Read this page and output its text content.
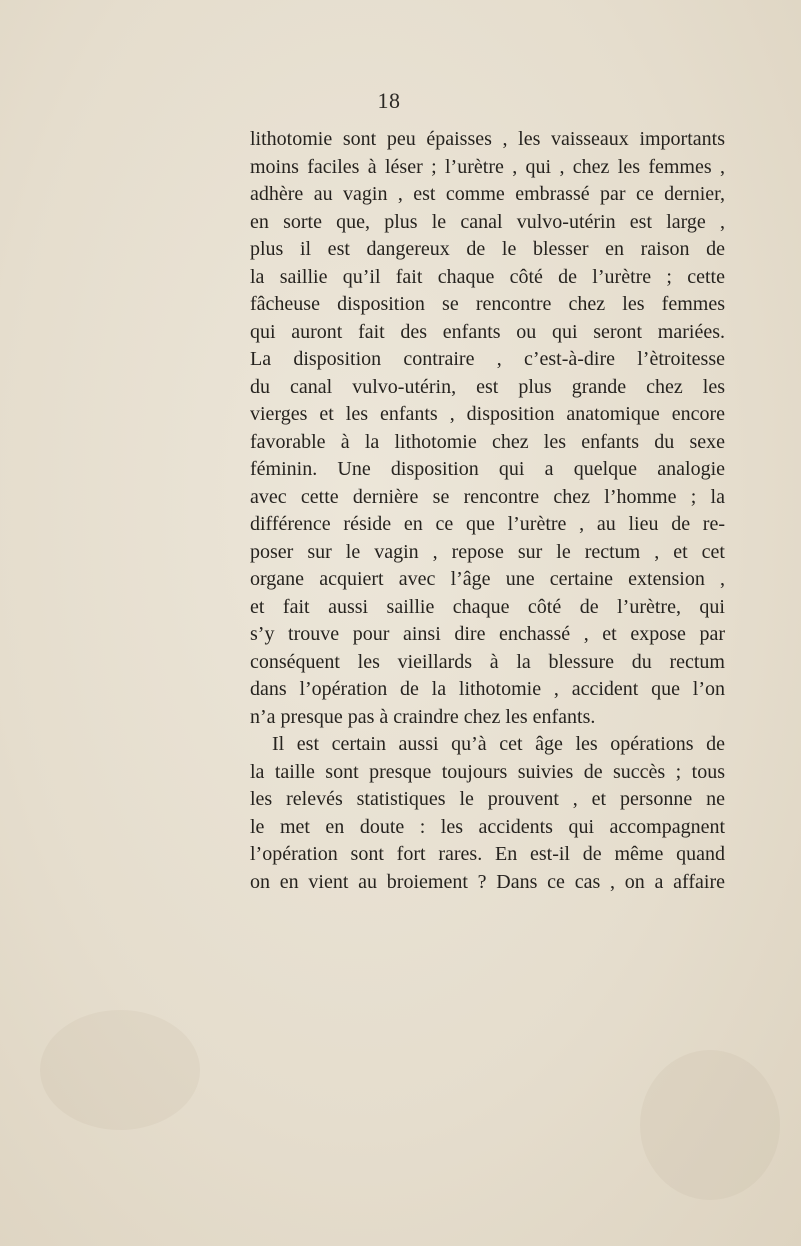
18
lithotomie sont peu épaisses , les vaisseaux importants
moins faciles à léser ; l’urètre , qui , chez les femmes ,
adhère au vagin , est comme embrassé par ce dernier,
en sorte que, plus le canal vulvo-utérin est large ,
plus il est dangereux de le blesser en raison de
la saillie qu’il fait chaque côté de l’urètre ; cette
fâcheuse disposition se rencontre chez les femmes
qui auront fait des enfants ou qui seront mariées.
La disposition contraire , c’est-à-dire l’ètroitesse
du canal vulvo-utérin, est plus grande chez les
vierges et les enfants , disposition anatomique encore
favorable à la lithotomie chez les enfants du sexe
féminin. Une disposition qui a quelque analogie
avec cette dernière se rencontre chez l’homme ; la
différence réside en ce que l’urètre , au lieu de re-
poser sur le vagin , repose sur le rectum , et cet
organe acquiert avec l’âge une certaine extension ,
et fait aussi saillie chaque côté de l’urètre, qui
s’y trouve pour ainsi dire enchassé , et expose par
conséquent les vieillards à la blessure du rectum
dans l’opération de la lithotomie , accident que l’on
n’a presque pas à craindre chez les enfants.
Il est certain aussi qu’à cet âge les opérations de
la taille sont presque toujours suivies de succès ; tous
les relevés statistiques le prouvent , et personne ne
le met en doute : les accidents qui accompagnent
l’opération sont fort rares. En est-il de même quand
on en vient au broiement ? Dans ce cas , on a affaire
